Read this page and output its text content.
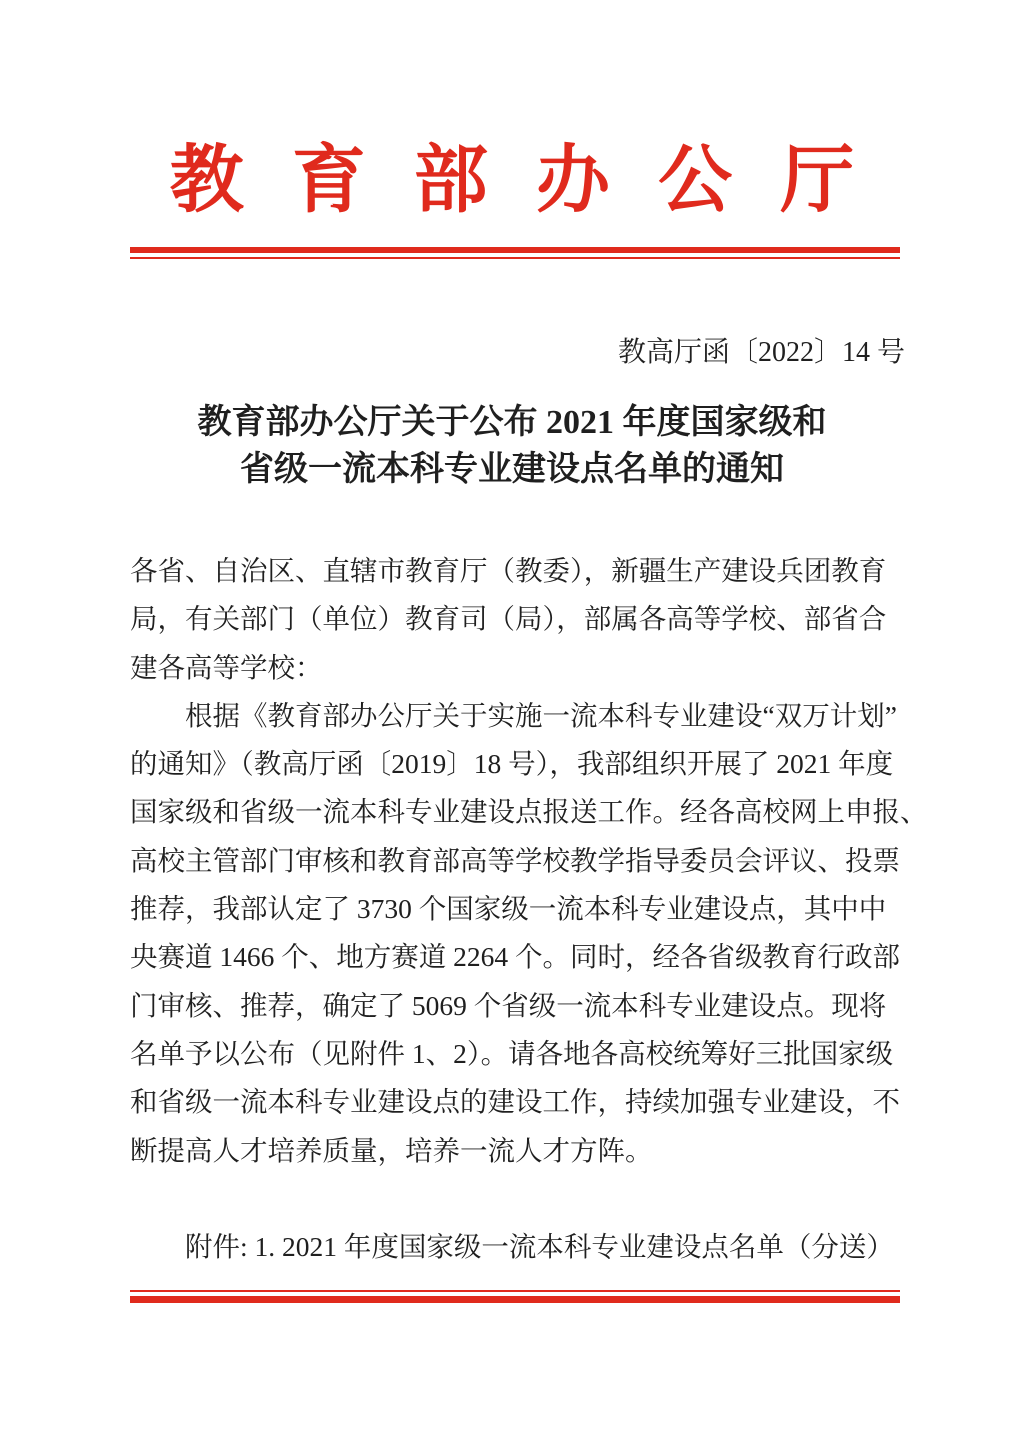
教育部办公厅
教高厅函〔2022〕14 号
教育部办公厅关于公布 2021 年度国家级和
省级一流本科专业建设点名单的通知
各省、自治区、直辖市教育厅（教委），新疆生产建设兵团教育
局，有关部门（单位）教育司（局），部属各高等学校、部省合
建各高等学校：
根据《教育部办公厅关于实施一流本科专业建设“双万计划”
的通知》（教高厅函〔2019〕18 号），我部组织开展了 2021 年度
国家级和省级一流本科专业建设点报送工作。经各高校网上申报、
高校主管部门审核和教育部高等学校教学指导委员会评议、投票
推荐，我部认定了 3730 个国家级一流本科专业建设点，其中中
央赛道 1466 个、地方赛道 2264 个。同时，经各省级教育行政部
门审核、推荐，确定了 5069 个省级一流本科专业建设点。现将
名单予以公布（见附件 1、2）。请各地各高校统筹好三批国家级
和省级一流本科专业建设点的建设工作，持续加强专业建设，不
断提高人才培养质量，培养一流人才方阵。
附件: 1. 2021 年度国家级一流本科专业建设点名单（分送）
